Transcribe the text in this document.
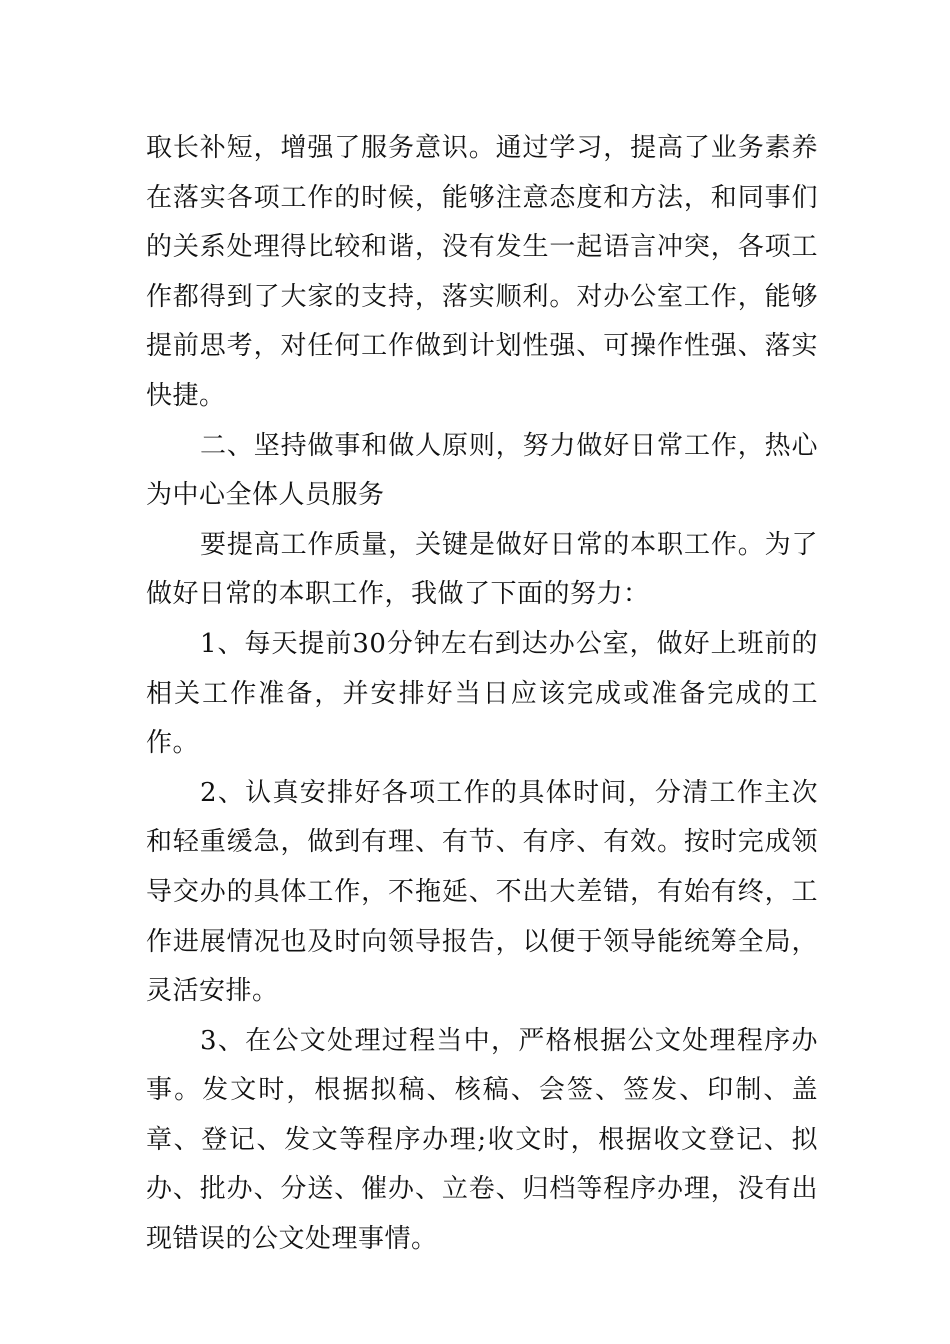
取长补短，增强了服务意识。通过学习，提高了业务素养在落实各项工作的时候，能够注意态度和方法，和同事们的关系处理得比较和谐，没有发生一起语言冲突，各项工作都得到了大家的支持，落实顺利。对办公室工作，能够提前思考，对任何工作做到计划性强、可操作性强、落实快捷。

二、坚持做事和做人原则，努力做好日常工作，热心为中心全体人员服务

要提高工作质量，关键是做好日常的本职工作。为了做好日常的本职工作，我做了下面的努力：

1、每天提前30分钟左右到达办公室，做好上班前的相关工作准备，并安排好当日应该完成或准备完成的工作。

2、认真安排好各项工作的具体时间，分清工作主次和轻重缓急，做到有理、有节、有序、有效。按时完成领导交办的具体工作，不拖延、不出大差错，有始有终，工作进展情况也及时向领导报告，以便于领导能统筹全局，灵活安排。

3、在公文处理过程当中，严格根据公文处理程序办事。发文时，根据拟稿、核稿、会签、签发、印制、盖章、登记、发文等程序办理;收文时，根据收文登记、拟办、批办、分送、催办、立卷、归档等程序办理，没有出现错误的公文处理事情。
